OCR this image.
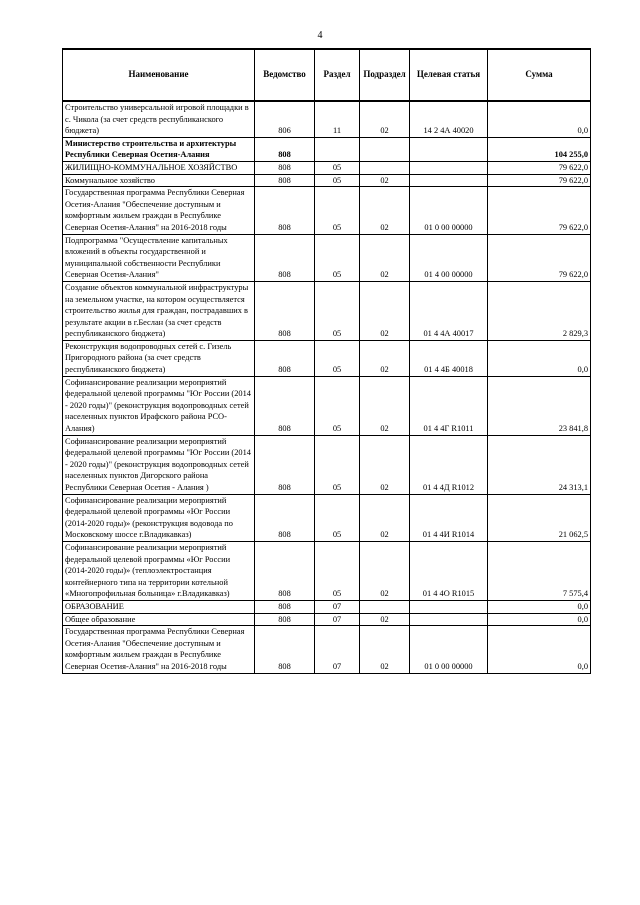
4
Наименование	Ведомство	Раздел	Подраздел	Целевая статья	Сумма
Строительство универсальной игровой площадки в с. Чикола (за счет средств республиканского бюджета)	806	11	02	14 2 4А 40020	0,0
Министерство строительства и архитектуры Республики Северная Осетия-Алания	808				104 255,0
ЖИЛИЩНО-КОММУНАЛЬНОЕ ХОЗЯЙСТВО	808	05			79 622,0
Коммунальное хозяйство	808	05	02		79 622,0
Государственная программа Республики Северная Осетия-Алания "Обеспечение доступным и комфортным жильем граждан в Республике Северная Осетия-Алания" на 2016-2018 годы	808	05	02	01 0 00 00000	79 622,0
Подпрограмма "Осуществление капитальных вложений в объекты государственной и муниципальной собственности Республики Северная Осетия-Алания"	808	05	02	01 4 00 00000	79 622,0
Создание объектов коммунальной инфраструктуры на земельном участке, на котором осуществляется строительство жилья для граждан, пострадавших в результате акции в г.Беслан (за счет средств республиканского бюджета)	808	05	02	01 4 4А 40017	2 829,3
Реконструкция водопроводных сетей с. Гизель Пригородного района (за счет средств республиканского бюджета)	808	05	02	01 4 4Б 40018	0,0
Софинансирование реализации мероприятий федеральной целевой программы "Юг России (2014 - 2020 годы)" (реконструкция водопроводных сетей населенных пунктов Ирафского района РСО-Алания)	808	05	02	01 4 4Г R1011	23 841,8
Софинансирование реализации мероприятий федеральной целевой программы "Юг России (2014 - 2020 годы)" (реконструкция водопроводных сетей населенных пунктов Дигорского района Республики Северная Осетия - Алания )	808	05	02	01 4 4Д R1012	24 313,1
Софинансирование реализации мероприятий федеральной целевой программы «Юг России (2014-2020 годы)» (реконструкция водовода по Московскому шоссе г.Владикавказ)	808	05	02	01 4 4И R1014	21 062,5
Софинансирование реализации мероприятий федеральной целевой программы «Юг России (2014-2020 годы)» (теплоэлектростанция контейнерного типа на территории котельной «Многопрофильная больница» г.Владикавказ)	808	05	02	01 4 4О R1015	7 575,4
ОБРАЗОВАНИЕ	808	07			0,0
Общее образование	808	07	02		0,0
Государственная программа Республики Северная Осетия-Алания "Обеспечение доступным и комфортным жильем граждан в Республике Северная Осетия-Алания" на 2016-2018 годы	808	07	02	01 0 00 00000	0,0
